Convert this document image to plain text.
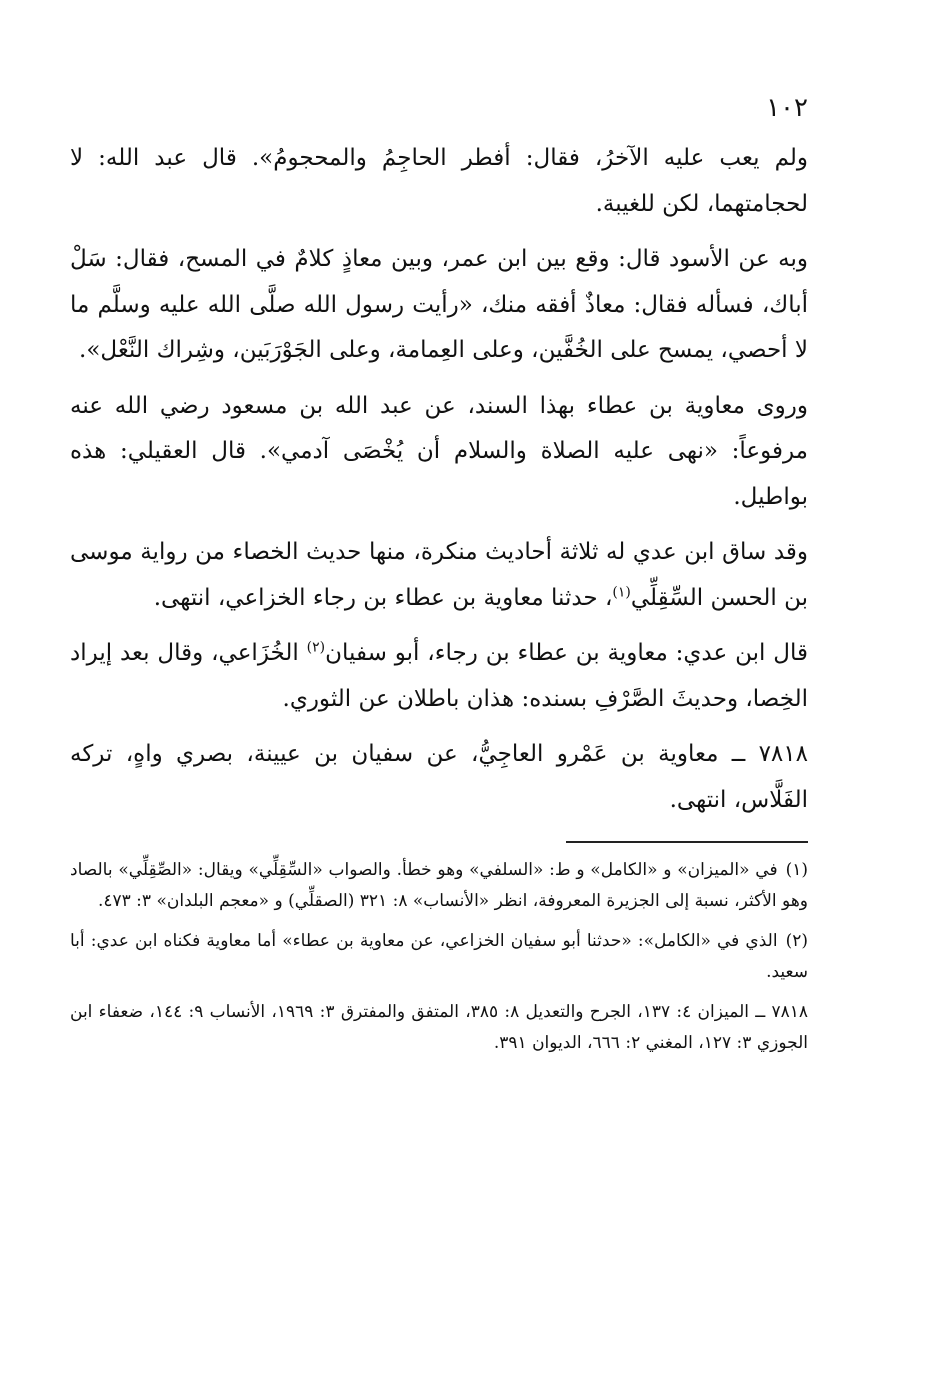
١٠٢

ولم يعب عليه الآخرُ، فقال: أفطر الحاجِمُ والمحجومُ». قال عبد الله: لا لحجامتهما، لكن للغيبة.

وبه عن الأسود قال: وقع بين ابن عمر، وبين معاذٍ كلامٌ في المسح، فقال: سَلْ أباك، فسأله فقال: معاذٌ أفقه منك، «رأيت رسول الله صلَّى الله عليه وسلَّم ما لا أحصي، يمسح على الخُفَّين، وعلى العِمامة، وعلى الجَوْرَبَين، وشِراك النَّعْل».

وروى معاوية بن عطاء بهذا السند، عن عبد الله بن مسعود رضي الله عنه مرفوعاً: «نهى عليه الصلاة والسلام أن يُخْصَى آدمي». قال العقيلي: هذه بواطيل.

وقد ساق ابن عدي له ثلاثة أحاديث منكرة، منها حديث الخصاء من رواية موسى بن الحسن السِّقِلِّي$^{(١)}$، حدثنا معاوية بن عطاء بن رجاء الخزاعي، انتهى.

قال ابن عدي: معاوية بن عطاء بن رجاء، أبو سفيان$^{(٢)}$ الخُزَاعي، وقال بعد إيراد الخِصا، وحديثَ الصَّرْفِ بسنده: هذان باطلان عن الثوري.

٧٨١٨ ــ معاوية بن عَمْرو العاجِيُّ، عن سفيان بن عيينة، بصري واهٍ، تركه الفَلَّاس، انتهى.

(١)في «الميزان» و «الكامل» و ط: «السلفي» وهو خطأ. والصواب «السِّقِلِّي» ويقال: «الصِّقِلِّي» بالصاد وهو الأكثر، نسبة إلى الجزيرة المعروفة، انظر «الأنساب» ٨: ٣٢١ (الصقلِّي) و «معجم البلدان» ٣: ٤٧٣.

(٢)الذي في «الكامل»: «حدثنا أبو سفيان الخزاعي، عن معاوية بن عطاء» أما معاوية فكناه ابن عدي: أبا سعيد.

٧٨١٨ ــ الميزان ٤: ١٣٧، الجرح والتعديل ٨: ٣٨٥، المتفق والمفترق ٣: ١٩٦٩، الأنساب ٩: ١٤٤، ضعفاء ابن الجوزي ٣: ١٢٧، المغني ٢: ٦٦٦، الديوان ٣٩١.
